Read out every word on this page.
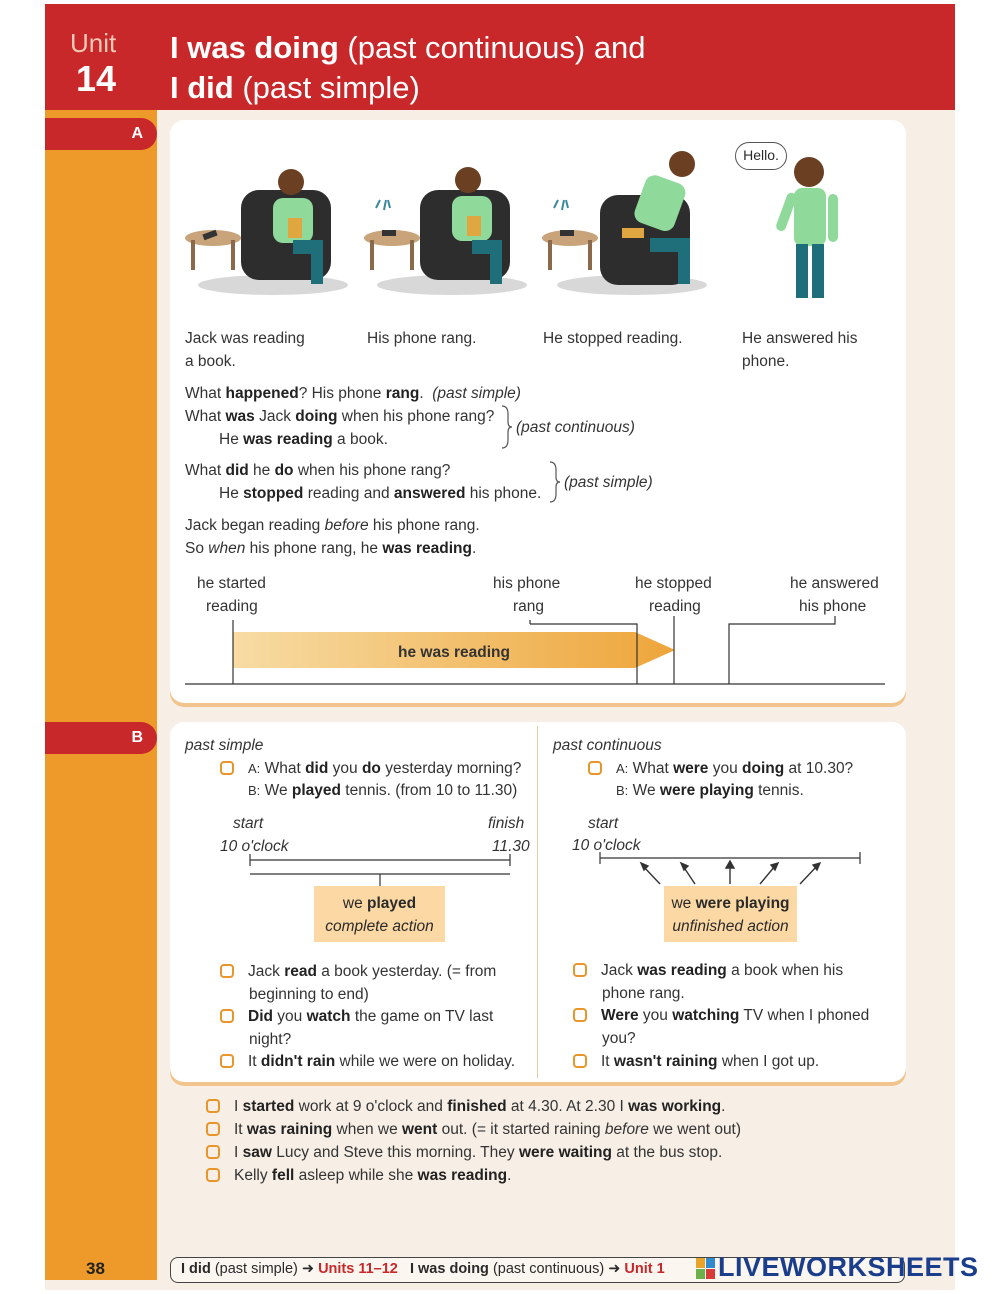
Unit
14
I was doing (past continuous) and
I did (past simple)
A
B
Hello.
Jack was reading
a book.
His phone rang.	He stopped reading.	He answered his
phone.
What happened? His phone rang. (past simple)
What was Jack doing when his phone rang?
He was reading a book.
(past continuous)
What did he do when his phone rang?
He stopped reading and answered his phone.
(past simple)
Jack began reading before his phone rang.
So when his phone rang, he was reading.
he started
reading
his phone
rang
he stopped
reading
he answered
his phone
he was reading
past simple
A: What did you do yesterday morning?
B: We played tennis. (from 10 to 11.30)
start
10 o'clock
finish
11.30
we played
complete action
Jack read a book yesterday. (= from
beginning to end)
Did you watch the game on TV last
night?
It didn't rain while we were on holiday.
past continuous
A: What were you doing at 10.30?
B: We were playing tennis.
start
10 o'clock
we were playing
unfinished action
Jack was reading a book when his
phone rang.
Were you watching TV when I phoned
you?
It wasn't raining when I got up.
I started work at 9 o'clock and finished at 4.30. At 2.30 I was working.
It was raining when we went out. (= it started raining before we went out)
I saw Lucy and Steve this morning. They were waiting at the bus stop.
Kelly fell asleep while she was reading.
38	I did (past simple) ➜ Units 11–12 I was doing (past continuous) ➜ Unit 1	LIVEWORKSHEETS
